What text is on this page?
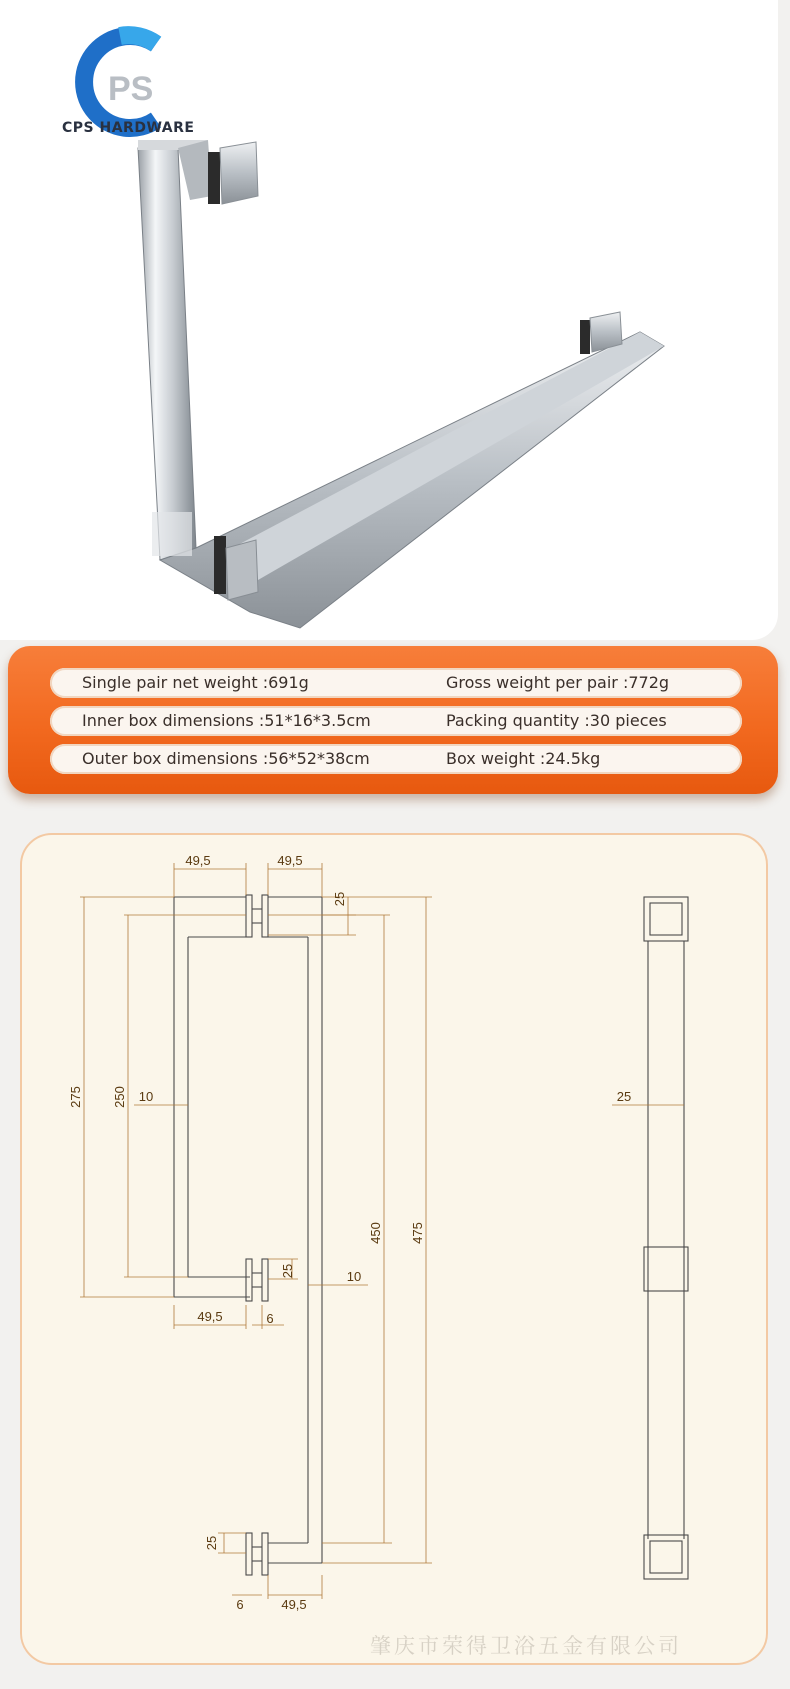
PS
CPS HARDWARE
Single pair net weight :691g	Gross weight per pair :772g
Inner box dimensions :51*16*3.5cm	Packing quantity :30 pieces
Outer box dimensions :56*52*38cm	Box weight :24.5kg
49,5	49,5
25
275 250 10
25	10
49,5	6
450 475
25
6	49,5
25
肇庆市荣得卫浴五金有限公司
